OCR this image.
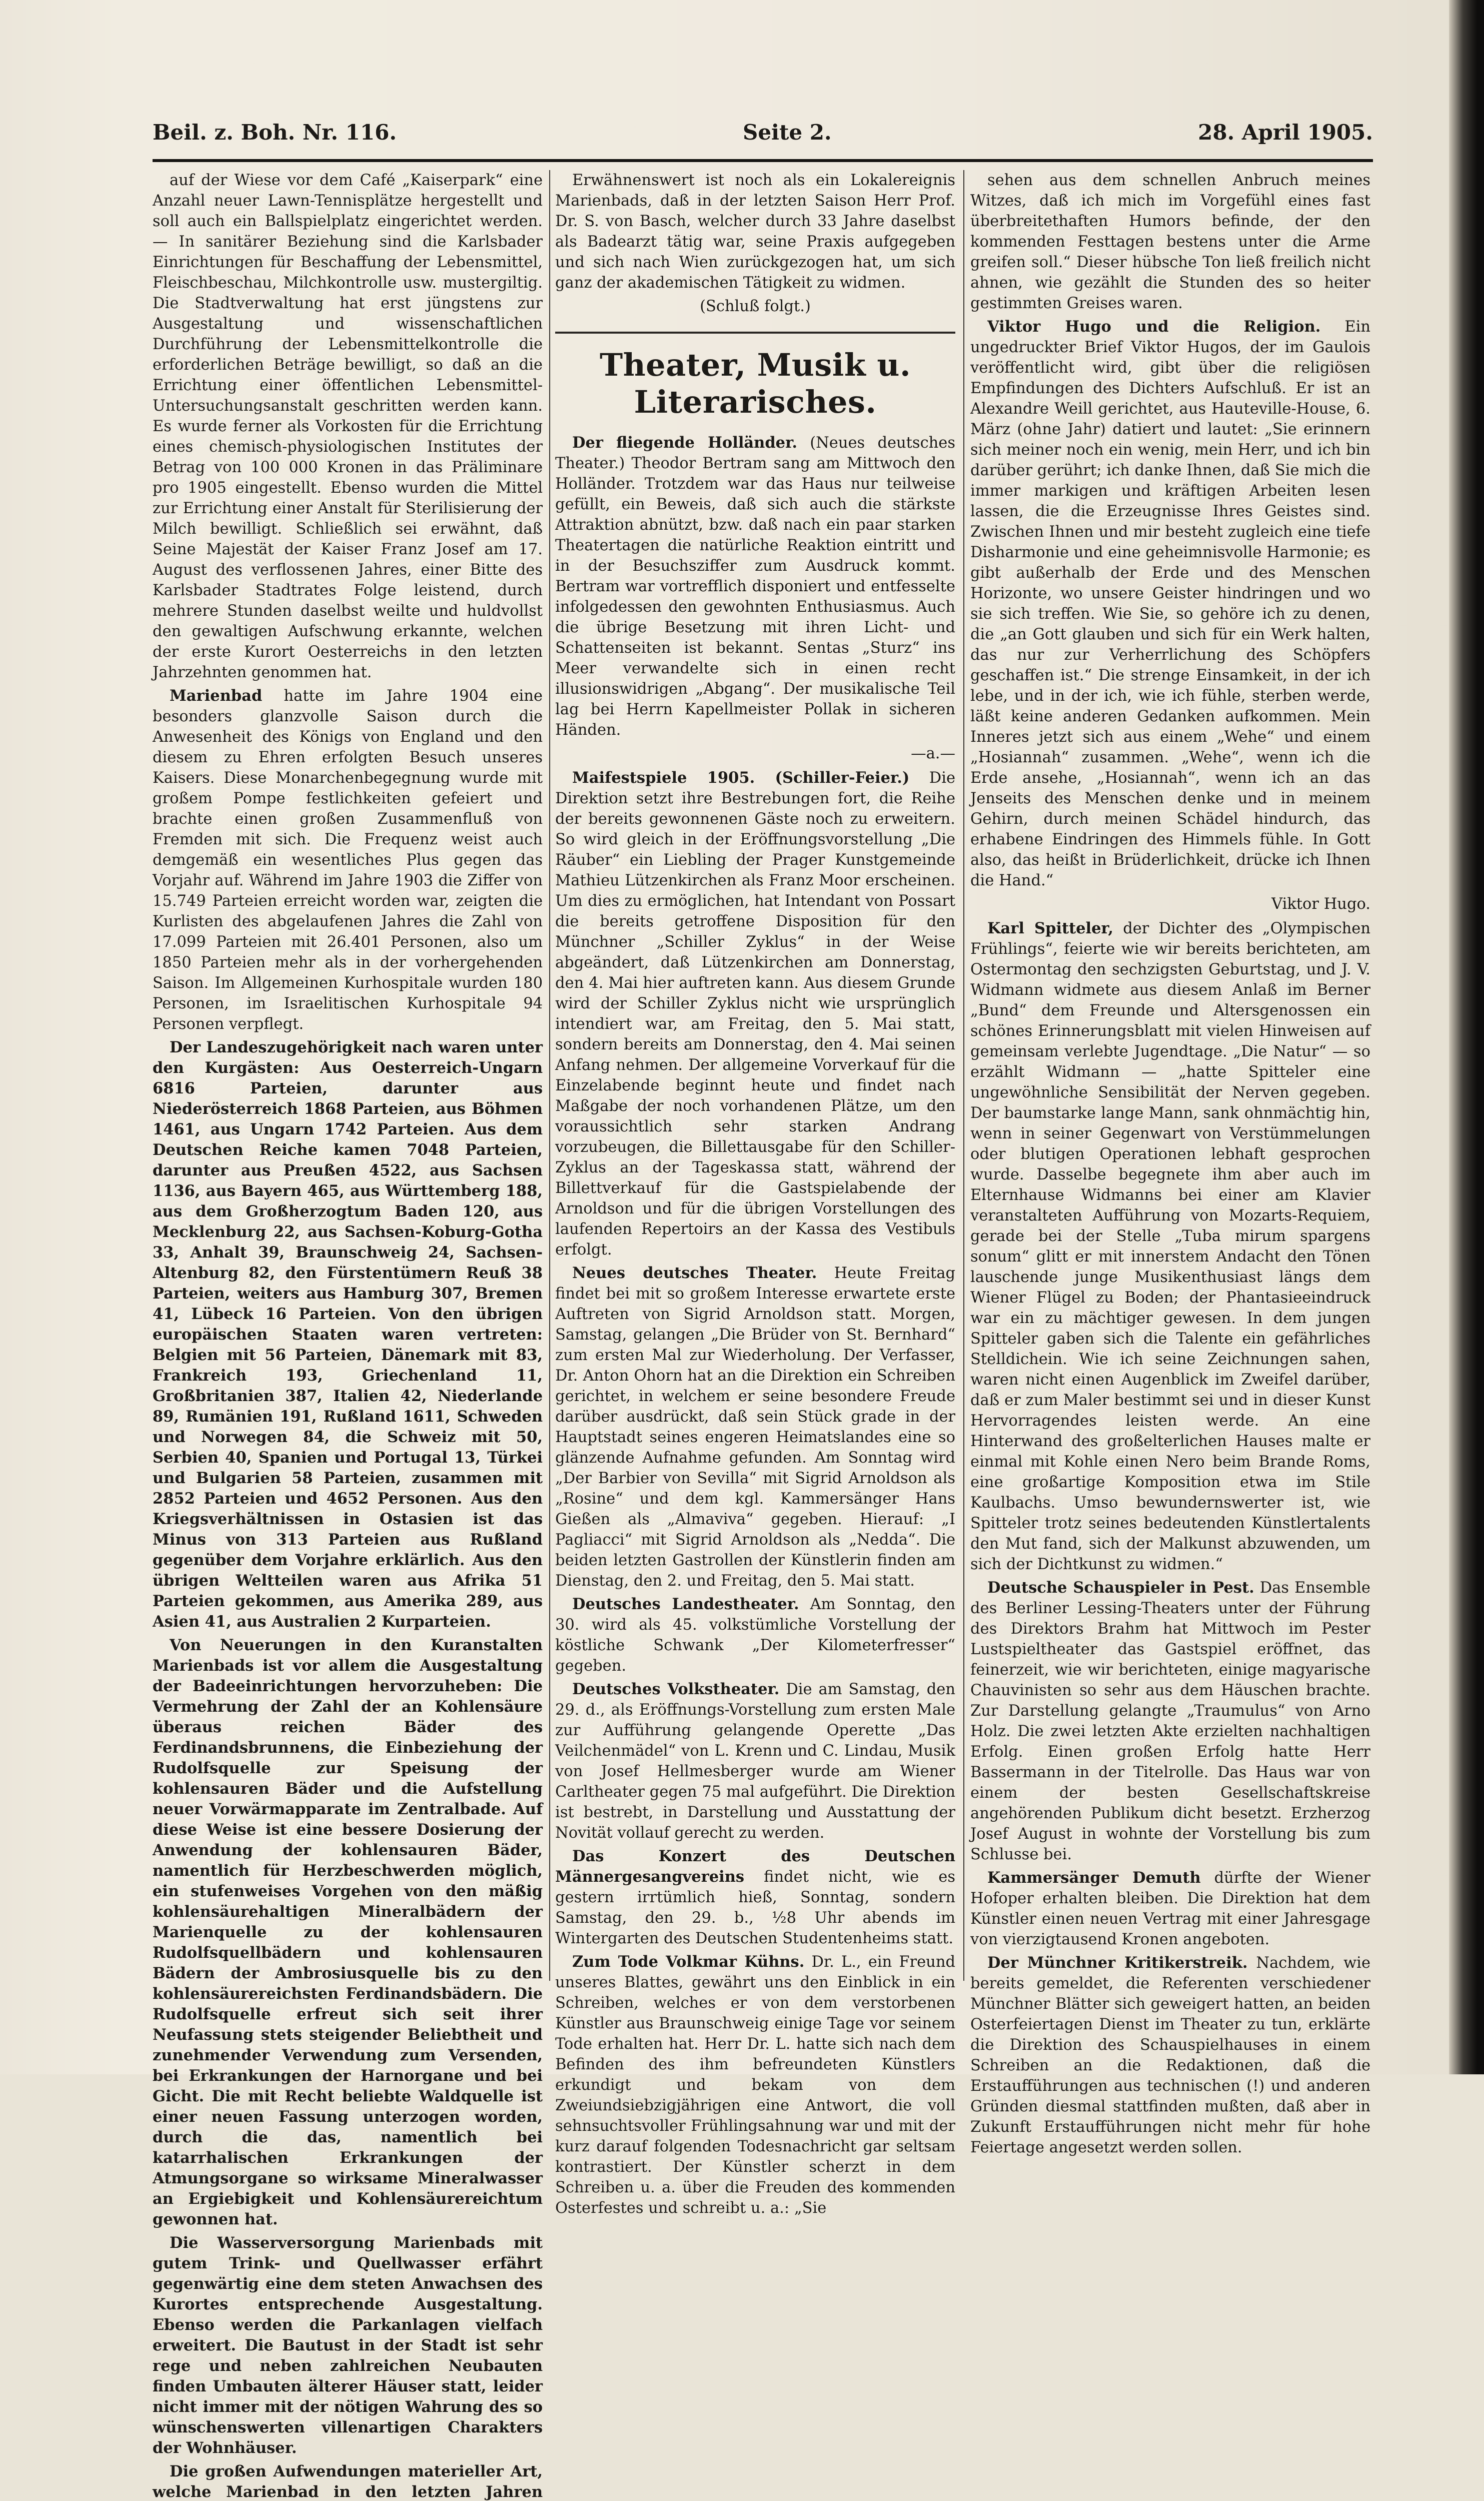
Beil. z. Boh. Nr. 116.	Seite 2.	28. April 1905.

auf der Wiese vor dem Café „Kaiserpark“ eine Anzahl neuer Lawn-Tennisplätze hergestellt und soll auch ein Ballspielplatz eingerichtet werden. — In sanitärer Beziehung sind die Karlsbader Einrichtungen für Beschaffung der Lebensmittel, Fleischbeschau, Milchkontrolle usw. mustergiltig. Die Stadtverwaltung hat erst jüngstens zur Ausgestaltung und wissenschaftlichen Durchführung der Lebensmittelkontrolle die erforderlichen Beträge bewilligt, so daß an die Errichtung einer öffentlichen Lebensmittel-Untersuchungsanstalt geschritten werden kann. Es wurde ferner als Vorkosten für die Errichtung eines chemisch-physiologischen Institutes der Betrag von 100 000 Kronen in das Präliminare pro 1905 eingestellt. Ebenso wurden die Mittel zur Errichtung einer Anstalt für Sterilisierung der Milch bewilligt. Schließlich sei erwähnt, daß Seine Majestät der Kaiser Franz Josef am 17. August des verflossenen Jahres, einer Bitte des Karlsbader Stadtrates Folge leistend, durch mehrere Stunden daselbst weilte und huldvollst den gewaltigen Aufschwung erkannte, welchen der erste Kurort Oesterreichs in den letzten Jahrzehnten genommen hat.

Marienbad hatte im Jahre 1904 eine besonders glanzvolle Saison durch die Anwesenheit des Königs von England und den diesem zu Ehren erfolgten Besuch unseres Kaisers. Diese Monarchenbegegnung wurde mit großem Pompe festlichkeiten gefeiert und brachte einen großen Zusammenfluß von Fremden mit sich. Die Frequenz weist auch demgemäß ein wesentliches Plus gegen das Vorjahr auf. Während im Jahre 1903 die Ziffer von 15.749 Parteien erreicht worden war, zeigten die Kurlisten des abgelaufenen Jahres die Zahl von 17.099 Parteien mit 26.401 Personen, also um 1850 Parteien mehr als in der vorhergehenden Saison. Im Allgemeinen Kurhospitale wurden 180 Personen, im Israelitischen Kurhospitale 94 Personen verpflegt.

Der Landeszugehörigkeit nach waren unter den Kurgästen: Aus Oesterreich-Ungarn 6816 Parteien, darunter aus Niederösterreich 1868 Parteien, aus Böhmen 1461, aus Ungarn 1742 Parteien. Aus dem Deutschen Reiche kamen 7048 Parteien, darunter aus Preußen 4522, aus Sachsen 1136, aus Bayern 465, aus Württemberg 188, aus dem Großherzogtum Baden 120, aus Mecklenburg 22, aus Sachsen-Koburg-Gotha 33, Anhalt 39, Braunschweig 24, Sachsen-Altenburg 82, den Fürstentümern Reuß 38 Parteien, weiters aus Hamburg 307, Bremen 41, Lübeck 16 Parteien. Von den übrigen europäischen Staaten waren vertreten: Belgien mit 56 Parteien, Dänemark mit 83, Frankreich 193, Griechenland 11, Großbritanien 387, Italien 42, Niederlande 89, Rumänien 191, Rußland 1611, Schweden und Norwegen 84, die Schweiz mit 50, Serbien 40, Spanien und Portugal 13, Türkei und Bulgarien 58 Parteien, zusammen mit 2852 Parteien und 4652 Personen. Aus den Kriegsverhältnissen in Ostasien ist das Minus von 313 Parteien aus Rußland gegenüber dem Vorjahre erklärlich. Aus den übrigen Weltteilen waren aus Afrika 51 Parteien gekommen, aus Amerika 289, aus Asien 41, aus Australien 2 Kurparteien.

Von Neuerungen in den Kuranstalten Marienbads ist vor allem die Ausgestaltung der Badeeinrichtungen hervorzuheben: Die Vermehrung der Zahl der an Kohlensäure überaus reichen Bäder des Ferdinandsbrunnens, die Einbeziehung der Rudolfsquelle zur Speisung der kohlensauren Bäder und die Aufstellung neuer Vorwärmapparate im Zentralbade. Auf diese Weise ist eine bessere Dosierung der Anwendung der kohlensauren Bäder, namentlich für Herzbeschwerden möglich, ein stufenweises Vorgehen von den mäßig kohlensäurehaltigen Mineralbädern der Marienquelle zu der kohlensauren Rudolfsquellbädern und kohlensauren Bädern der Ambrosiusquelle bis zu den kohlensäurereichsten Ferdinandsbädern. Die Rudolfsquelle erfreut sich seit ihrer Neufassung stets steigender Beliebtheit und zunehmender Verwendung zum Versenden, bei Erkrankungen der Harnorgane und bei Gicht. Die mit Recht beliebte Waldquelle ist einer neuen Fassung unterzogen worden, durch die das, namentlich bei katarrhalischen Erkrankungen der Atmungsorgane so wirksame Mineralwasser an Ergiebigkeit und Kohlensäurereichtum gewonnen hat.

Die Wasserversorgung Marienbads mit gutem Trink- und Quellwasser erfährt gegenwärtig eine dem steten Anwachsen des Kurortes entsprechende Ausgestaltung. Ebenso werden die Parkanlagen vielfach erweitert. Die Bautust in der Stadt ist sehr rege und neben zahlreichen Neubauten finden Umbauten älterer Häuser statt, leider nicht immer mit der nötigen Wahrung des so wünschenswerten villenartigen Charakters der Wohnhäuser.

Die großen Aufwendungen materieller Art, welche Marienbad in den letzten Jahren

Erwähnenswert ist noch als ein Lokalereignis Marienbads, daß in der letzten Saison Herr Prof. Dr. S. von Basch, welcher durch 33 Jahre daselbst als Badearzt tätig war, seine Praxis aufgegeben und sich nach Wien zurückgezogen hat, um sich ganz der akademischen Tätigkeit zu widmen.

(Schluß folgt.)
Theater, Musik u. Literarisches.

Der fliegende Holländer. (Neues deutsches Theater.) Theodor Bertram sang am Mittwoch den Holländer. Trotzdem war das Haus nur teilweise gefüllt, ein Beweis, daß sich auch die stärkste Attraktion abnützt, bzw. daß nach ein paar starken Theatertagen die natürliche Reaktion eintritt und in der Besuchsziffer zum Ausdruck kommt. Bertram war vortrefflich disponiert und entfesselte infolgedessen den gewohnten Enthusiasmus. Auch die übrige Besetzung mit ihren Licht- und Schattenseiten ist bekannt. Sentas „Sturz“ ins Meer verwandelte sich in einen recht illusionswidrigen „Abgang“. Der musikalische Teil lag bei Herrn Kapellmeister Pollak in sicheren Händen.

—a.—

Maifestspiele 1905. (Schiller-Feier.) Die Direktion setzt ihre Bestrebungen fort, die Reihe der bereits gewonnenen Gäste noch zu erweitern. So wird gleich in der Eröffnungsvorstellung „Die Räuber“ ein Liebling der Prager Kunstgemeinde Mathieu Lützenkirchen als Franz Moor erscheinen. Um dies zu ermöglichen, hat Intendant von Possart die bereits getroffene Disposition für den Münchner „Schiller Zyklus“ in der Weise abgeändert, daß Lützenkirchen am Donnerstag, den 4. Mai hier auftreten kann. Aus diesem Grunde wird der Schiller Zyklus nicht wie ursprünglich intendiert war, am Freitag, den 5. Mai statt, sondern bereits am Donnerstag, den 4. Mai seinen Anfang nehmen. Der allgemeine Vorverkauf für die Einzelabende beginnt heute und findet nach Maßgabe der noch vorhandenen Plätze, um den voraussichtlich sehr starken Andrang vorzubeugen, die Billettausgabe für den Schiller-Zyklus an der Tageskassa statt, während der Billettverkauf für die Gastspielabende der Arnoldson und für die übrigen Vorstellungen des laufenden Repertoirs an der Kassa des Vestibuls erfolgt.

Neues deutsches Theater. Heute Freitag findet bei mit so großem Interesse erwartete erste Auftreten von Sigrid Arnoldson statt. Morgen, Samstag, gelangen „Die Brüder von St. Bernhard“ zum ersten Mal zur Wiederholung. Der Verfasser, Dr. Anton Ohorn hat an die Direktion ein Schreiben gerichtet, in welchem er seine besondere Freude darüber ausdrückt, daß sein Stück grade in der Hauptstadt seines engeren Heimatslandes eine so glänzende Aufnahme gefunden. Am Sonntag wird „Der Barbier von Sevilla“ mit Sigrid Arnoldson als „Rosine“ und dem kgl. Kammersänger Hans Gießen als „Almaviva“ gegeben. Hierauf: „I Pagliacci“ mit Sigrid Arnoldson als „Nedda“. Die beiden letzten Gastrollen der Künstlerin finden am Dienstag, den 2. und Freitag, den 5. Mai statt.

Deutsches Landestheater. Am Sonntag, den 30. wird als 45. volkstümliche Vorstellung der köstliche Schwank „Der Kilometerfresser“ gegeben.

Deutsches Volkstheater. Die am Samstag, den 29. d., als Eröffnungs-Vorstellung zum ersten Male zur Aufführung gelangende Operette „Das Veilchenmädel“ von L. Krenn und C. Lindau, Musik von Josef Hellmesberger wurde am Wiener Carltheater gegen 75 mal aufgeführt. Die Direktion ist bestrebt, in Darstellung und Ausstattung der Novität vollauf gerecht zu werden.

Das Konzert des Deutschen Männergesangvereins findet nicht, wie es gestern irrtümlich hieß, Sonntag, sondern Samstag, den 29. b., ½8 Uhr abends im Wintergarten des Deutschen Studentenheims statt.

Zum Tode Volkmar Kühns. Dr. L., ein Freund unseres Blattes, gewährt uns den Einblick in ein Schreiben, welches er von dem verstorbenen Künstler aus Braunschweig einige Tage vor seinem Tode erhalten hat. Herr Dr. L. hatte sich nach dem Befinden des ihm befreundeten Künstlers erkundigt und bekam von dem Zweiundsiebzigjährigen eine Antwort, die voll sehnsuchtsvoller Frühlingsahnung war und mit der kurz darauf folgenden Todesnachricht gar seltsam kontrastiert. Der Künstler scherzt in dem Schreiben u. a. über die Freuden des kommenden Osterfestes und schreibt u. a.: „Sie

sehen aus dem schnellen Anbruch meines Witzes, daß ich mich im Vorgefühl eines fast überbreitethaften Humors befinde, der den kommenden Festtagen bestens unter die Arme greifen soll.“ Dieser hübsche Ton ließ freilich nicht ahnen, wie gezählt die Stunden des so heiter gestimmten Greises waren.

Viktor Hugo und die Religion. Ein ungedruckter Brief Viktor Hugos, der im Gaulois veröffentlicht wird, gibt über die religiösen Empfindungen des Dichters Aufschluß. Er ist an Alexandre Weill gerichtet, aus Hauteville-House, 6. März (ohne Jahr) datiert und lautet: „Sie erinnern sich meiner noch ein wenig, mein Herr, und ich bin darüber gerührt; ich danke Ihnen, daß Sie mich die immer markigen und kräftigen Arbeiten lesen lassen, die die Erzeugnisse Ihres Geistes sind. Zwischen Ihnen und mir besteht zugleich eine tiefe Disharmonie und eine geheimnisvolle Harmonie; es gibt außerhalb der Erde und des Menschen Horizonte, wo unsere Geister hindringen und wo sie sich treffen. Wie Sie, so gehöre ich zu denen, die „an Gott glauben und sich für ein Werk halten, das nur zur Verherrlichung des Schöpfers geschaffen ist.“ Die strenge Einsamkeit, in der ich lebe, und in der ich, wie ich fühle, sterben werde, läßt keine anderen Gedanken aufkommen. Mein Inneres jetzt sich aus einem „Wehe“ und einem „Hosiannah“ zusammen. „Wehe“, wenn ich die Erde ansehe, „Hosiannah“, wenn ich an das Jenseits des Menschen denke und in meinem Gehirn, durch meinen Schädel hindurch, das erhabene Eindringen des Himmels fühle. In Gott also, das heißt in Brüderlichkeit, drücke ich Ihnen die Hand.“

Viktor Hugo.

Karl Spitteler, der Dichter des „Olympischen Frühlings“, feierte wie wir bereits berichteten, am Ostermontag den sechzigsten Geburtstag, und J. V. Widmann widmete aus diesem Anlaß im Berner „Bund“ dem Freunde und Altersgenossen ein schönes Erinnerungsblatt mit vielen Hinweisen auf gemeinsam verlebte Jugendtage. „Die Natur“ — so erzählt Widmann — „hatte Spitteler eine ungewöhnliche Sensibilität der Nerven gegeben. Der baumstarke lange Mann, sank ohnmächtig hin, wenn in seiner Gegenwart von Verstümmelungen oder blutigen Operationen lebhaft gesprochen wurde. Dasselbe begegnete ihm aber auch im Elternhause Widmanns bei einer am Klavier veranstalteten Aufführung von Mozarts-Requiem, gerade bei der Stelle „Tuba mirum spargens sonum“ glitt er mit innerstem Andacht den Tönen lauschende junge Musikenthusiast längs dem Wiener Flügel zu Boden; der Phantasieeindruck war ein zu mächtiger gewesen. In dem jungen Spitteler gaben sich die Talente ein gefährliches Stelldichein. Wie ich seine Zeichnungen sahen, waren nicht einen Augenblick im Zweifel darüber, daß er zum Maler bestimmt sei und in dieser Kunst Hervorragendes leisten werde. An eine Hinterwand des großelterlichen Hauses malte er einmal mit Kohle einen Nero beim Brande Roms, eine großartige Komposition etwa im Stile Kaulbachs. Umso bewundernswerter ist, wie Spitteler trotz seines bedeutenden Künstlertalents den Mut fand, sich der Malkunst abzuwenden, um sich der Dichtkunst zu widmen.“

Deutsche Schauspieler in Pest. Das Ensemble des Berliner Lessing-Theaters unter der Führung des Direktors Brahm hat Mittwoch im Pester Lustspieltheater das Gastspiel eröffnet, das feinerzeit, wie wir berichteten, einige magyarische Chauvinisten so sehr aus dem Häuschen brachte. Zur Darstellung gelangte „Traumulus“ von Arno Holz. Die zwei letzten Akte erzielten nachhaltigen Erfolg. Einen großen Erfolg hatte Herr Bassermann in der Titelrolle. Das Haus war von einem der besten Gesellschaftskreise angehörenden Publikum dicht besetzt. Erzherzog Josef August in wohnte der Vorstellung bis zum Schlusse bei.

Kammersänger Demuth dürfte der Wiener Hofoper erhalten bleiben. Die Direktion hat dem Künstler einen neuen Vertrag mit einer Jahresgage von vierzigtausend Kronen angeboten.

Der Münchner Kritikerstreik. Nachdem, wie bereits gemeldet, die Referenten verschiedener Münchner Blätter sich geweigert hatten, an beiden Osterfeiertagen Dienst im Theater zu tun, erklärte die Direktion des Schauspielhauses in einem Schreiben an die Redaktionen, daß die Erstaufführungen aus technischen (!) und anderen Gründen diesmal stattfinden mußten, daß aber in Zukunft Erstaufführungen nicht mehr für hohe Feiertage angesetzt werden sollen.
